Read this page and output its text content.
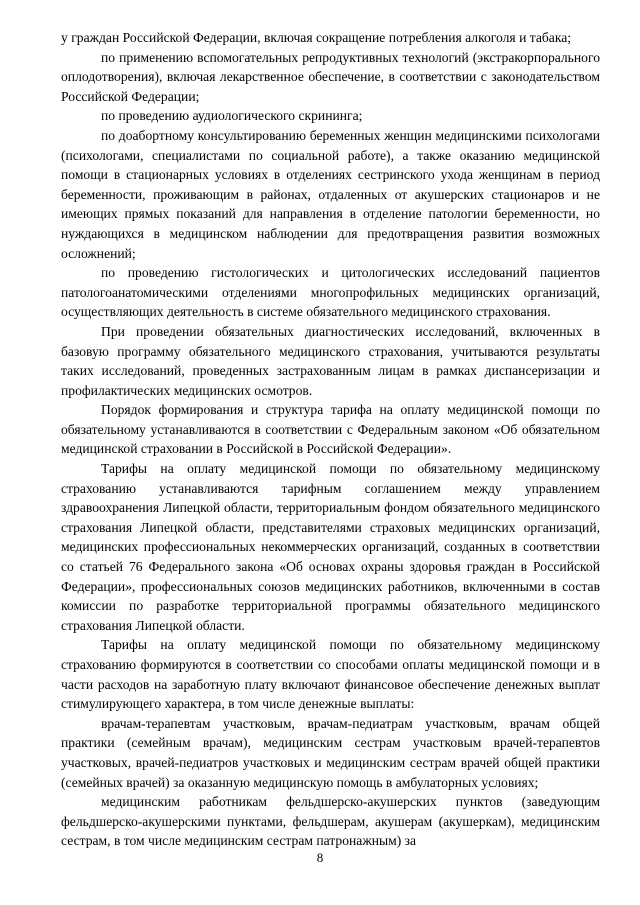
у граждан Российской Федерации, включая сокращение потребления алкоголя и табака;

по применению вспомогательных репродуктивных технологий (экстракорпорального оплодотворения), включая лекарственное обеспечение, в соответствии с законодательством Российской Федерации;

по проведению аудиологического скрининга;

по доабортному консультированию беременных женщин медицинскими психологами (психологами, специалистами по социальной работе), а также оказанию медицинской помощи в стационарных условиях в отделениях сестринского ухода женщинам в период беременности, проживающим в районах, отдаленных от акушерских стационаров и не имеющих прямых показаний для направления в отделение патологии беременности, но нуждающихся в медицинском наблюдении для предотвращения развития возможных осложнений;

по проведению гистологических и цитологических исследований пациентов патологоанатомическими отделениями многопрофильных медицинских организаций, осуществляющих деятельность в системе обязательного медицинского страхования.

При проведении обязательных диагностических исследований, включенных в базовую программу обязательного медицинского страхования, учитываются результаты таких исследований, проведенных застрахованным лицам в рамках диспансеризации и профилактических медицинских осмотров.

Порядок формирования и структура тарифа на оплату медицинской помощи по обязательному устанавливаются в соответствии с Федеральным законом «Об обязательном медицинской страховании в Российской в Российской Федерации».

Тарифы на оплату медицинской помощи по обязательному медицинскому страхованию устанавливаются тарифным соглашением между управлением здравоохранения Липецкой области, территориальным фондом обязательного медицинского страхования Липецкой области, представителями страховых медицинских организаций, медицинских профессиональных некоммерческих организаций, созданных в соответствии со статьей 76 Федерального закона «Об основах охраны здоровья граждан в Российской Федерации», профессиональных союзов медицинских работников, включенными в состав комиссии по разработке территориальной программы обязательного медицинского страхования Липецкой области.

Тарифы на оплату медицинской помощи по обязательному медицинскому страхованию формируются в соответствии со способами оплаты медицинской помощи и в части расходов на заработную плату включают финансовое обеспечение денежных выплат стимулирующего характера, в том числе денежные выплаты:

врачам-терапевтам участковым, врачам-педиатрам участковым, врачам общей практики (семейным врачам), медицинским сестрам участковым врачей-терапевтов участковых, врачей-педиатров участковых и медицинским сестрам врачей общей практики (семейных врачей) за оказанную медицинскую помощь в амбулаторных условиях;

медицинским работникам фельдшерско-акушерских пунктов (заведующим фельдшерско-акушерскими пунктами, фельдшерам, акушерам (акушеркам), медицинским сестрам, в том числе медицинским сестрам патронажным) за

8
